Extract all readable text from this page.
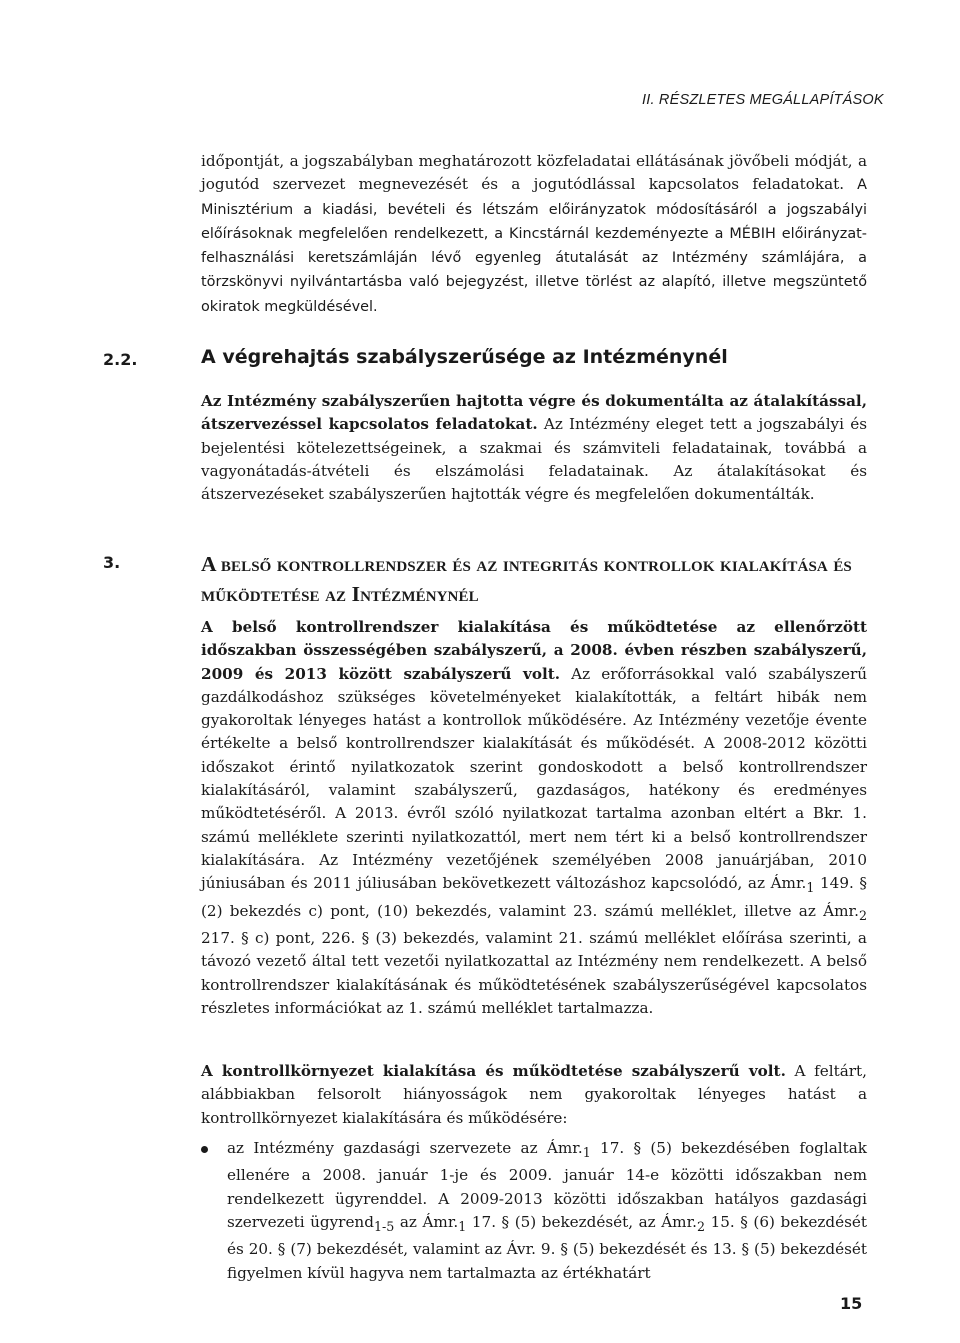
II. RÉSZLETES MEGÁLLAPÍTÁSOK

időpontját, a jogszabályban meghatározott közfeladatai ellátásának jövőbeli módját, a jogutód szervezet megnevezését és a jogutódlással kapcsolatos feladatokat. A Minisztérium a kiadási, bevételi és létszám előirányzatok módosításáról a jogszabályi előírásoknak megfelelően rendelkezett, a Kincstárnál kezdeményezte a MÉBIH előirányzat-felhasználási keretszámláján lévő egyenleg átutalását az Intézmény számlájára, a törzskönyvi nyilvántartásba való bejegyzést, illetve törlést az alapító, illetve megszüntető okiratok megküldésével.

2.2.	A végrehajtás szabályszerűsége az Intézménynél

Az Intézmény szabályszerűen hajtotta végre és dokumentálta az átalakítással, átszervezéssel kapcsolatos feladatokat. Az Intézmény eleget tett a jogszabályi és bejelentési kötelezettségeinek, a szakmai és számviteli feladatainak, továbbá a vagyonátadás-átvételi és elszámolási feladatainak. Az átalakításokat és átszervezéseket szabályszerűen hajtották végre és megfelelően dokumentálták.

3.	A belső kontrollrendszer és az integritás kontrollok kialakítása és működtetése az Intézménynél

A belső kontrollrendszer kialakítása és működtetése az ellenőrzött időszakban összességében szabályszerű, a 2008. évben részben szabályszerű, 2009 és 2013 között szabályszerű volt. Az erőforrásokkal való szabályszerű gazdálkodáshoz szükséges követelményeket kialakították, a feltárt hibák nem gyakoroltak lényeges hatást a kontrollok működésére. Az Intézmény vezetője évente értékelte a belső kontrollrendszer kialakítását és működését. A 2008-2012 közötti időszakot érintő nyilatkozatok szerint gondoskodott a belső kontrollrendszer kialakításáról, valamint szabályszerű, gazdaságos, hatékony és eredményes működtetéséről. A 2013. évről szóló nyilatkozat tartalma azonban eltért a Bkr. 1. számú melléklete szerinti nyilatkozattól, mert nem tért ki a belső kontrollrendszer kialakítására. Az Intézmény vezetőjének személyében 2008 januárjában, 2010 júniusában és 2011 júliusában bekövetkezett változáshoz kapcsolódó, az $Ámr._1$ 149. § (2) bekezdés c) pont, (10) bekezdés, valamint 23. számú melléklet, illetve az $Ámr._2$ 217. § c) pont, 226. § (3) bekezdés, valamint 21. számú melléklet előírása szerinti, a távozó vezető által tett vezetői nyilatkozattal az Intézmény nem rendelkezett. A belső kontrollrendszer kialakításának és működtetésének szabályszerűségével kapcsolatos részletes információkat az 1. számú melléklet tartalmazza.

A kontrollkörnyezet kialakítása és működtetése szabályszerű volt. A feltárt, alábbiakban felsorolt hiányosságok nem gyakoroltak lényeges hatást a kontrollkörnyezet kialakítására és működésére:

az Intézmény gazdasági szervezete az $Ámr._1$ 17. § (5) bekezdésében foglaltak ellenére a 2008. január 1-je és 2009. január 14-e közötti időszakban nem rendelkezett ügyrenddel. A 2009-2013 közötti időszakban hatályos gazdasági szervezeti ügyrend$_{1-5}$ az $Ámr._1$ 17. § (5) bekezdését, az $Ámr._2$ 15. § (6) bekezdését és 20. § (7) bekezdését, valamint az Ávr. 9. § (5) bekezdését és 13. § (5) bekezdését figyelmen kívül hagyva nem tartalmazta az értékhatárt
15
